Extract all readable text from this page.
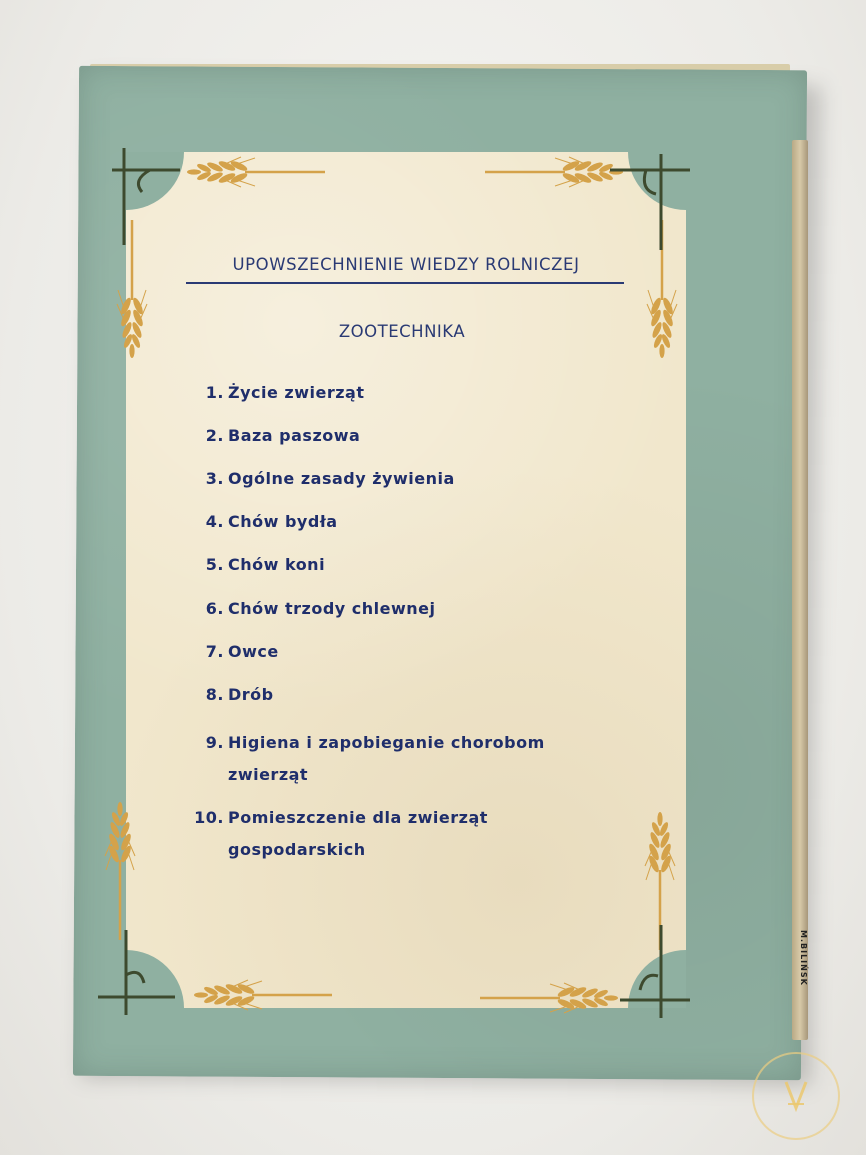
M.BILIŃSK
UPOWSZECHNIENIE WIEDZY ROLNICZEJ
ZOOTECHNIKA
1. Życie zwierząt
2. Baza paszowa
3. Ogólne zasady żywienia
4. Chów bydła
5. Chów koni
6. Chów trzody chlewnej
7. Owce
8. Drób
9. Higiena i zapobieganie chorobom
zwierząt
10. Pomieszczenie dla zwierząt
gospodarskich
